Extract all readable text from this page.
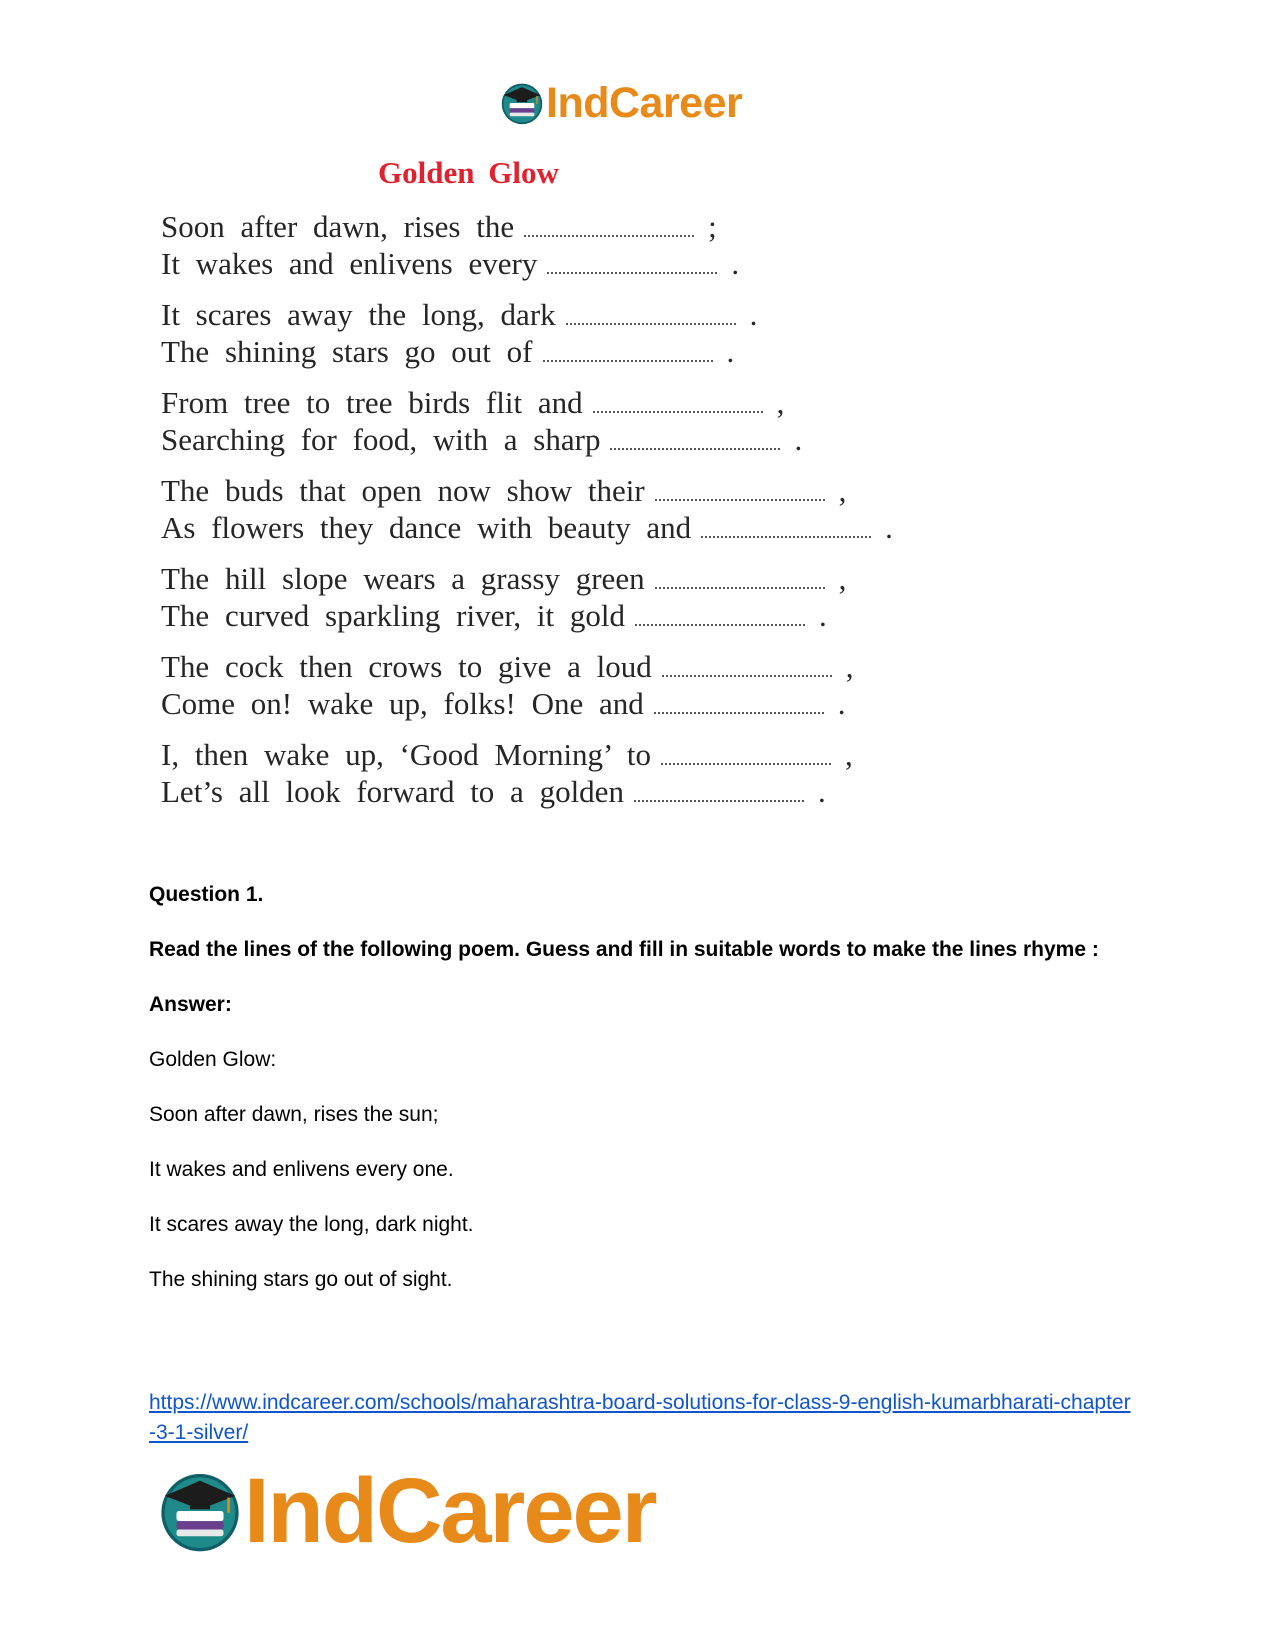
IndCareer
Golden Glow
Soon after dawn, rises the	;
It wakes and enlivens every	.
It scares away the long, dark	.
The shining stars go out of	.
From tree to tree birds flit and	,
Searching for food, with a sharp	.
The buds that open now show their	,
As flowers they dance with beauty and	.
The hill slope wears a grassy green	,
The curved sparkling river, it gold	.
The cock then crows to give a loud	,
Come on! wake up, folks! One and	.
I, then wake up, ‘Good Morning’ to	,
Let’s all look forward to a golden	.

Question 1.

Read the lines of the following poem. Guess and fill in suitable words to make the lines rhyme :

Answer:

Golden Glow:

Soon after dawn, rises the sun;

It wakes and enlivens every one.

It scares away the long, dark night.

The shining stars go out of sight.

https://www.indcareer.com/schools/maharashtra-board-solutions-for-class-9-english-kumarbharati-chapter-3-1-silver/
IndCareer
